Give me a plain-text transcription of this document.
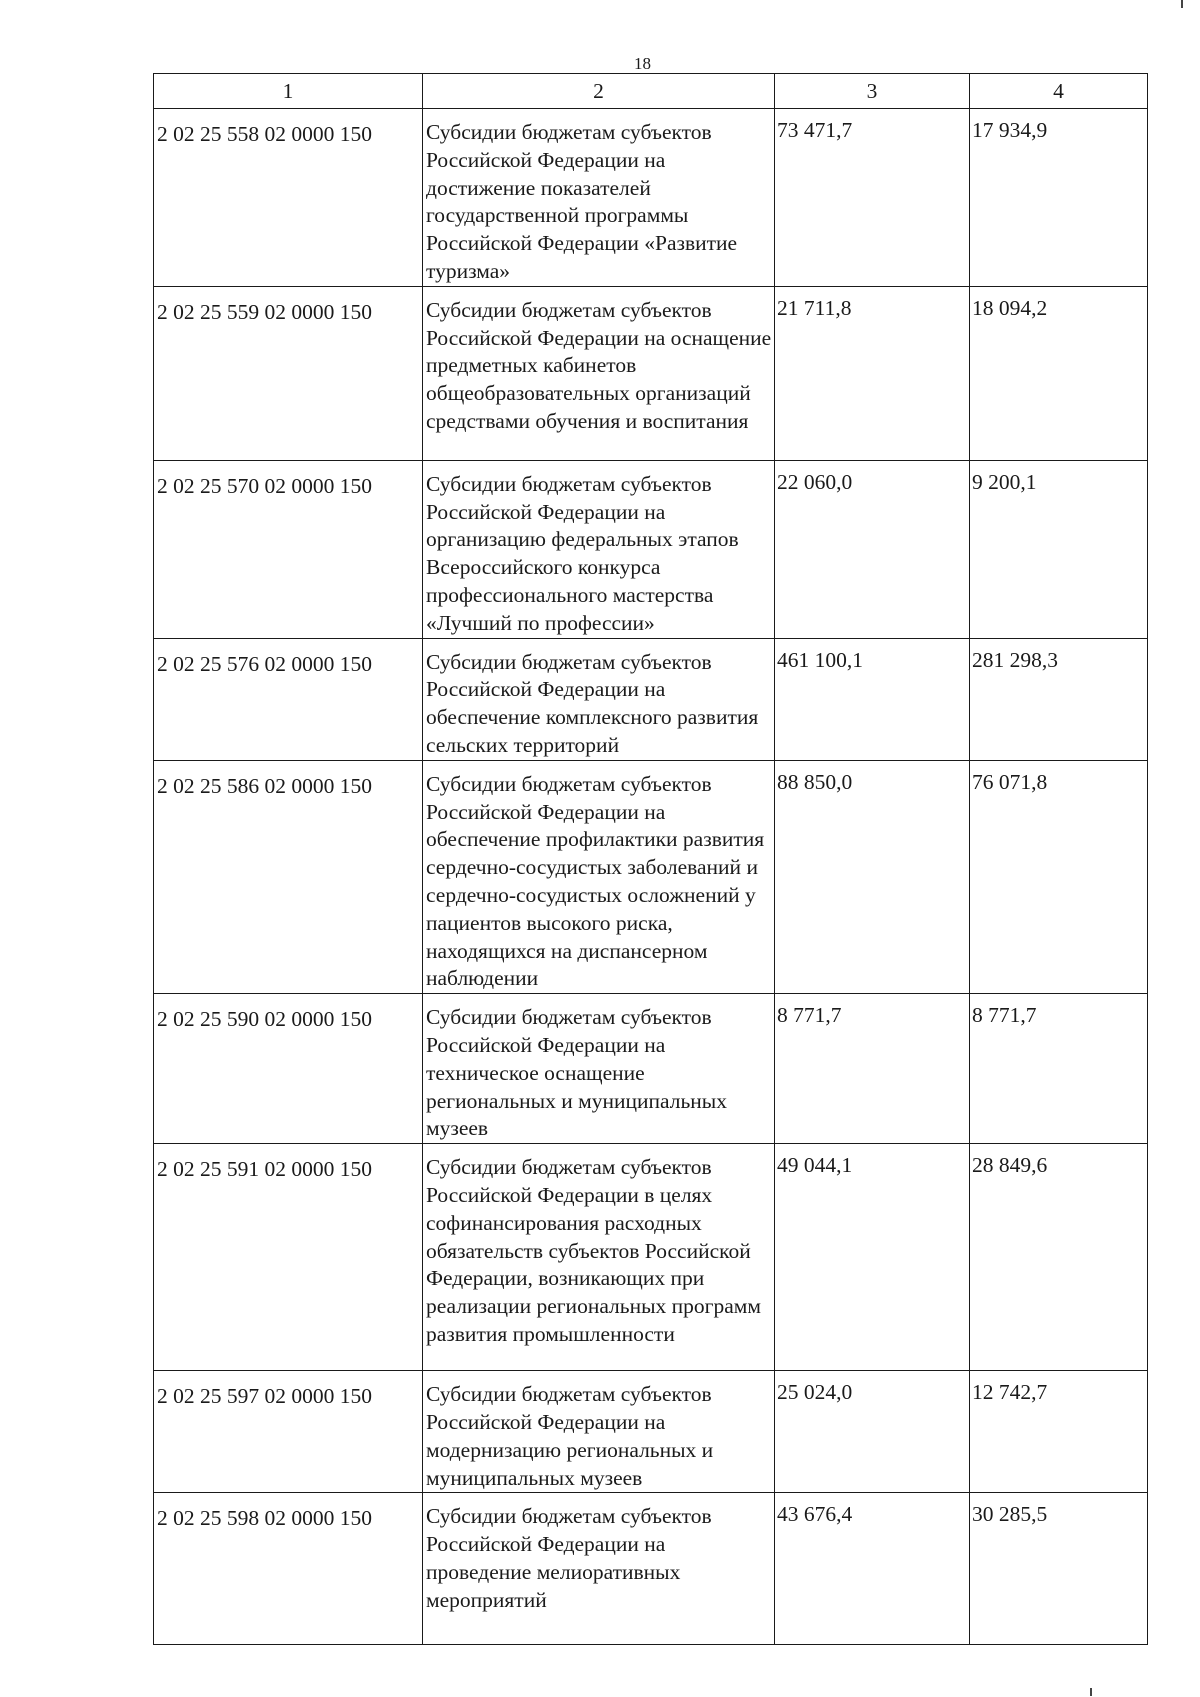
18
1	2	3	4
2 02 25 558 02 0000 150	Субсидии бюджетам субъектов Российской Федерации на достижение показателей государственной программы Российской Федерации «Развитие туризма»	73 471,7	17 934,9
2 02 25 559 02 0000 150	Субсидии бюджетам субъектов Российской Федерации на оснащение предметных кабинетов общеобразовательных организаций средствами обучения и воспитания	21 711,8	18 094,2
2 02 25 570 02 0000 150	Субсидии бюджетам субъектов Российской Федерации на организацию федеральных этапов Всероссийского конкурса профессионального мастерства «Лучший по профессии»	22 060,0	9 200,1
2 02 25 576 02 0000 150	Субсидии бюджетам субъектов Российской Федерации на обеспечение комплексного развития сельских территорий	461 100,1	281 298,3
2 02 25 586 02 0000 150	Субсидии бюджетам субъектов Российской Федерации на обеспечение профилактики развития сердечно-сосудистых заболеваний и сердечно-сосудистых осложнений у пациентов высокого риска, находящихся на диспансерном наблюдении	88 850,0	76 071,8
2 02 25 590 02 0000 150	Субсидии бюджетам субъектов Российской Федерации на техническое оснащение региональных и муниципальных музеев	8 771,7	8 771,7
2 02 25 591 02 0000 150	Субсидии бюджетам субъектов Российской Федерации в целях софинансирования расходных обязательств субъектов Российской Федерации, возникающих при реализации региональных программ развития промышленности	49 044,1	28 849,6
2 02 25 597 02 0000 150	Субсидии бюджетам субъектов Российской Федерации на модернизацию региональных и муниципальных музеев	25 024,0	12 742,7
2 02 25 598 02 0000 150	Субсидии бюджетам субъектов Российской Федерации на проведение мелиоративных мероприятий	43 676,4	30 285,5
